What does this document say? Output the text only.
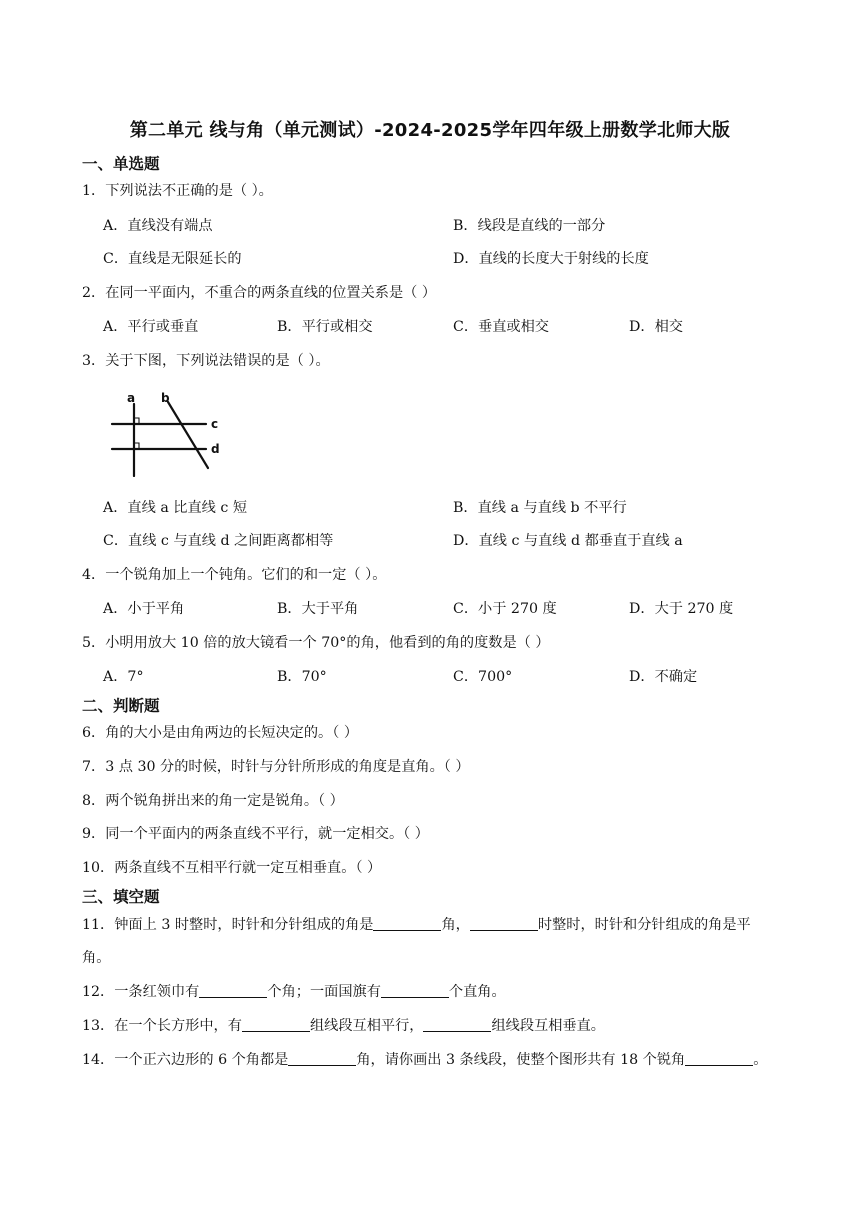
第二单元 线与角（单元测试）-2024-2025学年四年级上册数学北师大版
一、单选题
1．下列说法不正确的是（ ）。
A．直线没有端点	B．线段是直线的一部分
C．直线是无限延长的	D．直线的长度大于射线的长度
2．在同一平面内，不重合的两条直线的位置关系是（ ）
A．平行或垂直	B．平行或相交	C．垂直或相交	D．相交
3．关于下图，下列说法错误的是（ ）。
a b
c
d
A．直线 a 比直线 c 短	B．直线 a 与直线 b 不平行
C．直线 c 与直线 d 之间距离都相等	D．直线 c 与直线 d 都垂直于直线 a
4．一个锐角加上一个钝角。它们的和一定（ ）。
A．小于平角	B．大于平角	C．小于 270 度	D．大于 270 度
5．小明用放大 10 倍的放大镜看一个 70°的角，他看到的角的度数是（ ）
A．7°	B．70°	C．700°	D．不确定
二、判断题
6．角的大小是由角两边的长短决定的。（ ）
7．3 点 30 分的时候，时针与分针所形成的角度是直角。（ ）
8．两个锐角拼出来的角一定是锐角。（ ）
9．同一个平面内的两条直线不平行，就一定相交。（ ）
10．两条直线不互相平行就一定互相垂直。（ ）
三、填空题
11．钟面上 3 时整时，时针和分针组成的角是	角，	时整时，时针和分针组成的角是平
角。
12．一条红领巾有	个角；一面国旗有	个直角。
13．在一个长方形中，有	组线段互相平行，	组线段互相垂直。
14．一个正六边形的 6 个角都是	角，请你画出 3 条线段，使整个图形共有 18 个锐角	。
